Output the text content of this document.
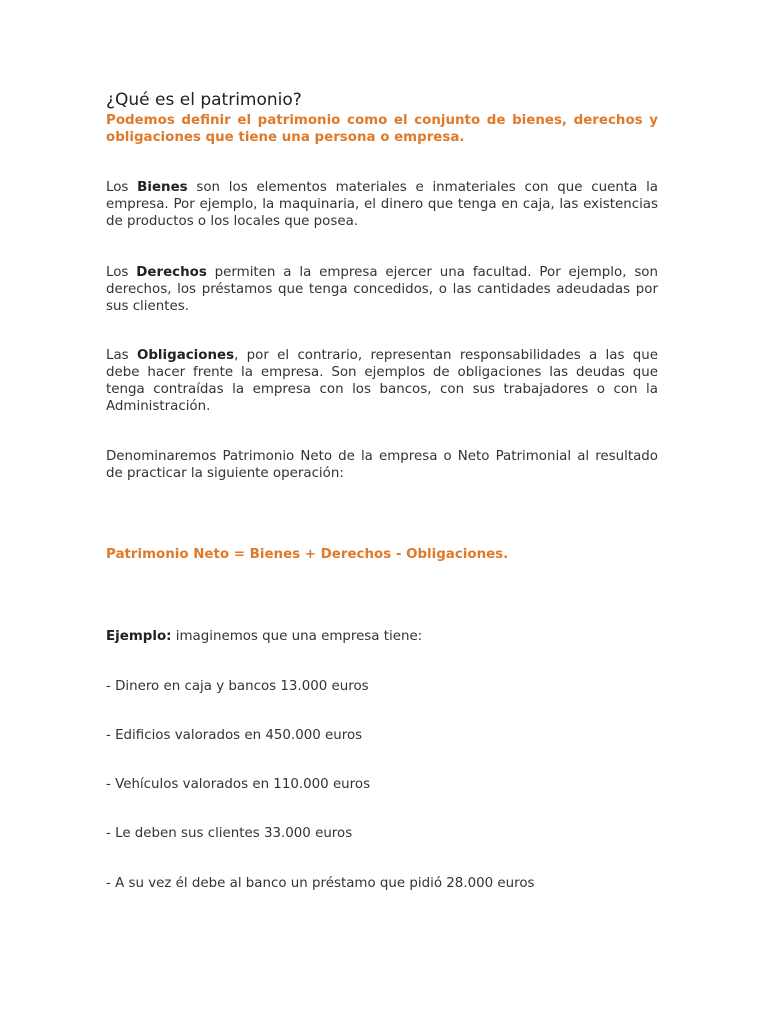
¿Qué es el patrimonio?

Podemos definir el patrimonio como el conjunto de bienes, derechos y obligaciones que tiene una persona o empresa.

Los Bienes son los elementos materiales e inmateriales con que cuenta la empresa. Por ejemplo, la maquinaria, el dinero que tenga en caja, las existencias de productos o los locales que posea.

Los Derechos permiten a la empresa ejercer una facultad. Por ejemplo, son derechos, los préstamos que tenga concedidos, o las cantidades adeudadas por sus clientes.

Las Obligaciones, por el contrario, representan responsabilidades a las que debe hacer frente la empresa. Son ejemplos de obligaciones las deudas que tenga contraídas la empresa con los bancos, con sus trabajadores o con la Administración.

Denominaremos Patrimonio Neto de la empresa o Neto Patrimonial al resultado de practicar la siguiente operación:

Patrimonio Neto = Bienes + Derechos - Obligaciones.

Ejemplo: imaginemos que una empresa tiene:

- Dinero en caja y bancos 13.000 euros

- Edificios valorados en 450.000 euros

- Vehículos valorados en 110.000 euros

- Le deben sus clientes 33.000 euros

- A su vez él debe al banco un préstamo que pidió 28.000 euros
